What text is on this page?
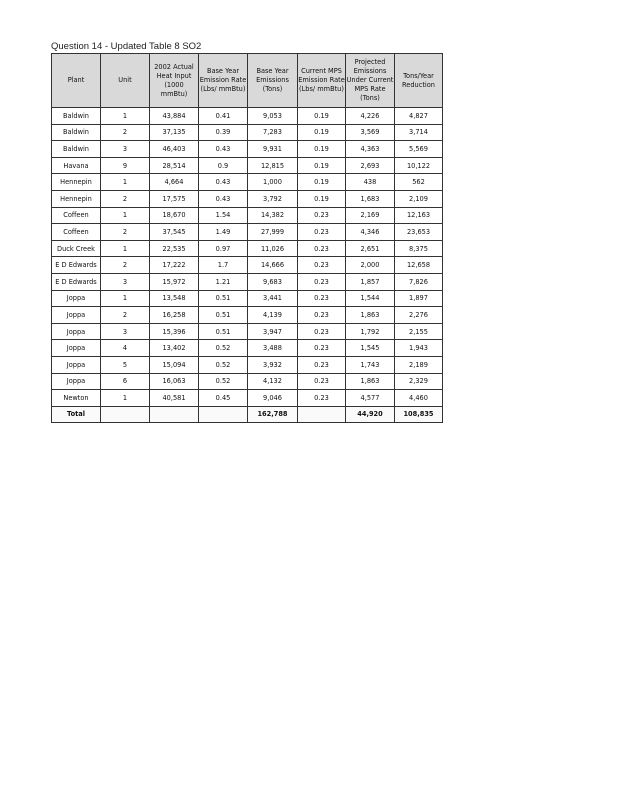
Question 14 - Updated Table 8 SO2
Plant	Unit	2002 Actual Heat Input (1000 mmBtu)	Base Year Emission Rate (Lbs/ mmBtu)	Base Year Emissions (Tons)	Current MPS Emission Rate (Lbs/ mmBtu)	Projected Emissions Under Current MPS Rate (Tons)	Tons/Year Reduction
Baldwin	1	43,884	0.41	9,053	0.19	4,226	4,827
Baldwin	2	37,135	0.39	7,283	0.19	3,569	3,714
Baldwin	3	46,403	0.43	9,931	0.19	4,363	5,569
Havana	9	28,514	0.9	12,815	0.19	2,693	10,122
Hennepin	1	4,664	0.43	1,000	0.19	438	562
Hennepin	2	17,575	0.43	3,792	0.19	1,683	2,109
Coffeen	1	18,670	1.54	14,382	0.23	2,169	12,163
Coffeen	2	37,545	1.49	27,999	0.23	4,346	23,653
Duck Creek	1	22,535	0.97	11,026	0.23	2,651	8,375
E D Edwards	2	17,222	1.7	14,666	0.23	2,000	12,658
E D Edwards	3	15,972	1.21	9,683	0.23	1,857	7,826
Joppa	1	13,548	0.51	3,441	0.23	1,544	1,897
Joppa	2	16,258	0.51	4,139	0.23	1,863	2,276
Joppa	3	15,396	0.51	3,947	0.23	1,792	2,155
Joppa	4	13,402	0.52	3,488	0.23	1,545	1,943
Joppa	5	15,094	0.52	3,932	0.23	1,743	2,189
Joppa	6	16,063	0.52	4,132	0.23	1,863	2,329
Newton	1	40,581	0.45	9,046	0.23	4,577	4,460
Total				162,788		44,920	108,835
